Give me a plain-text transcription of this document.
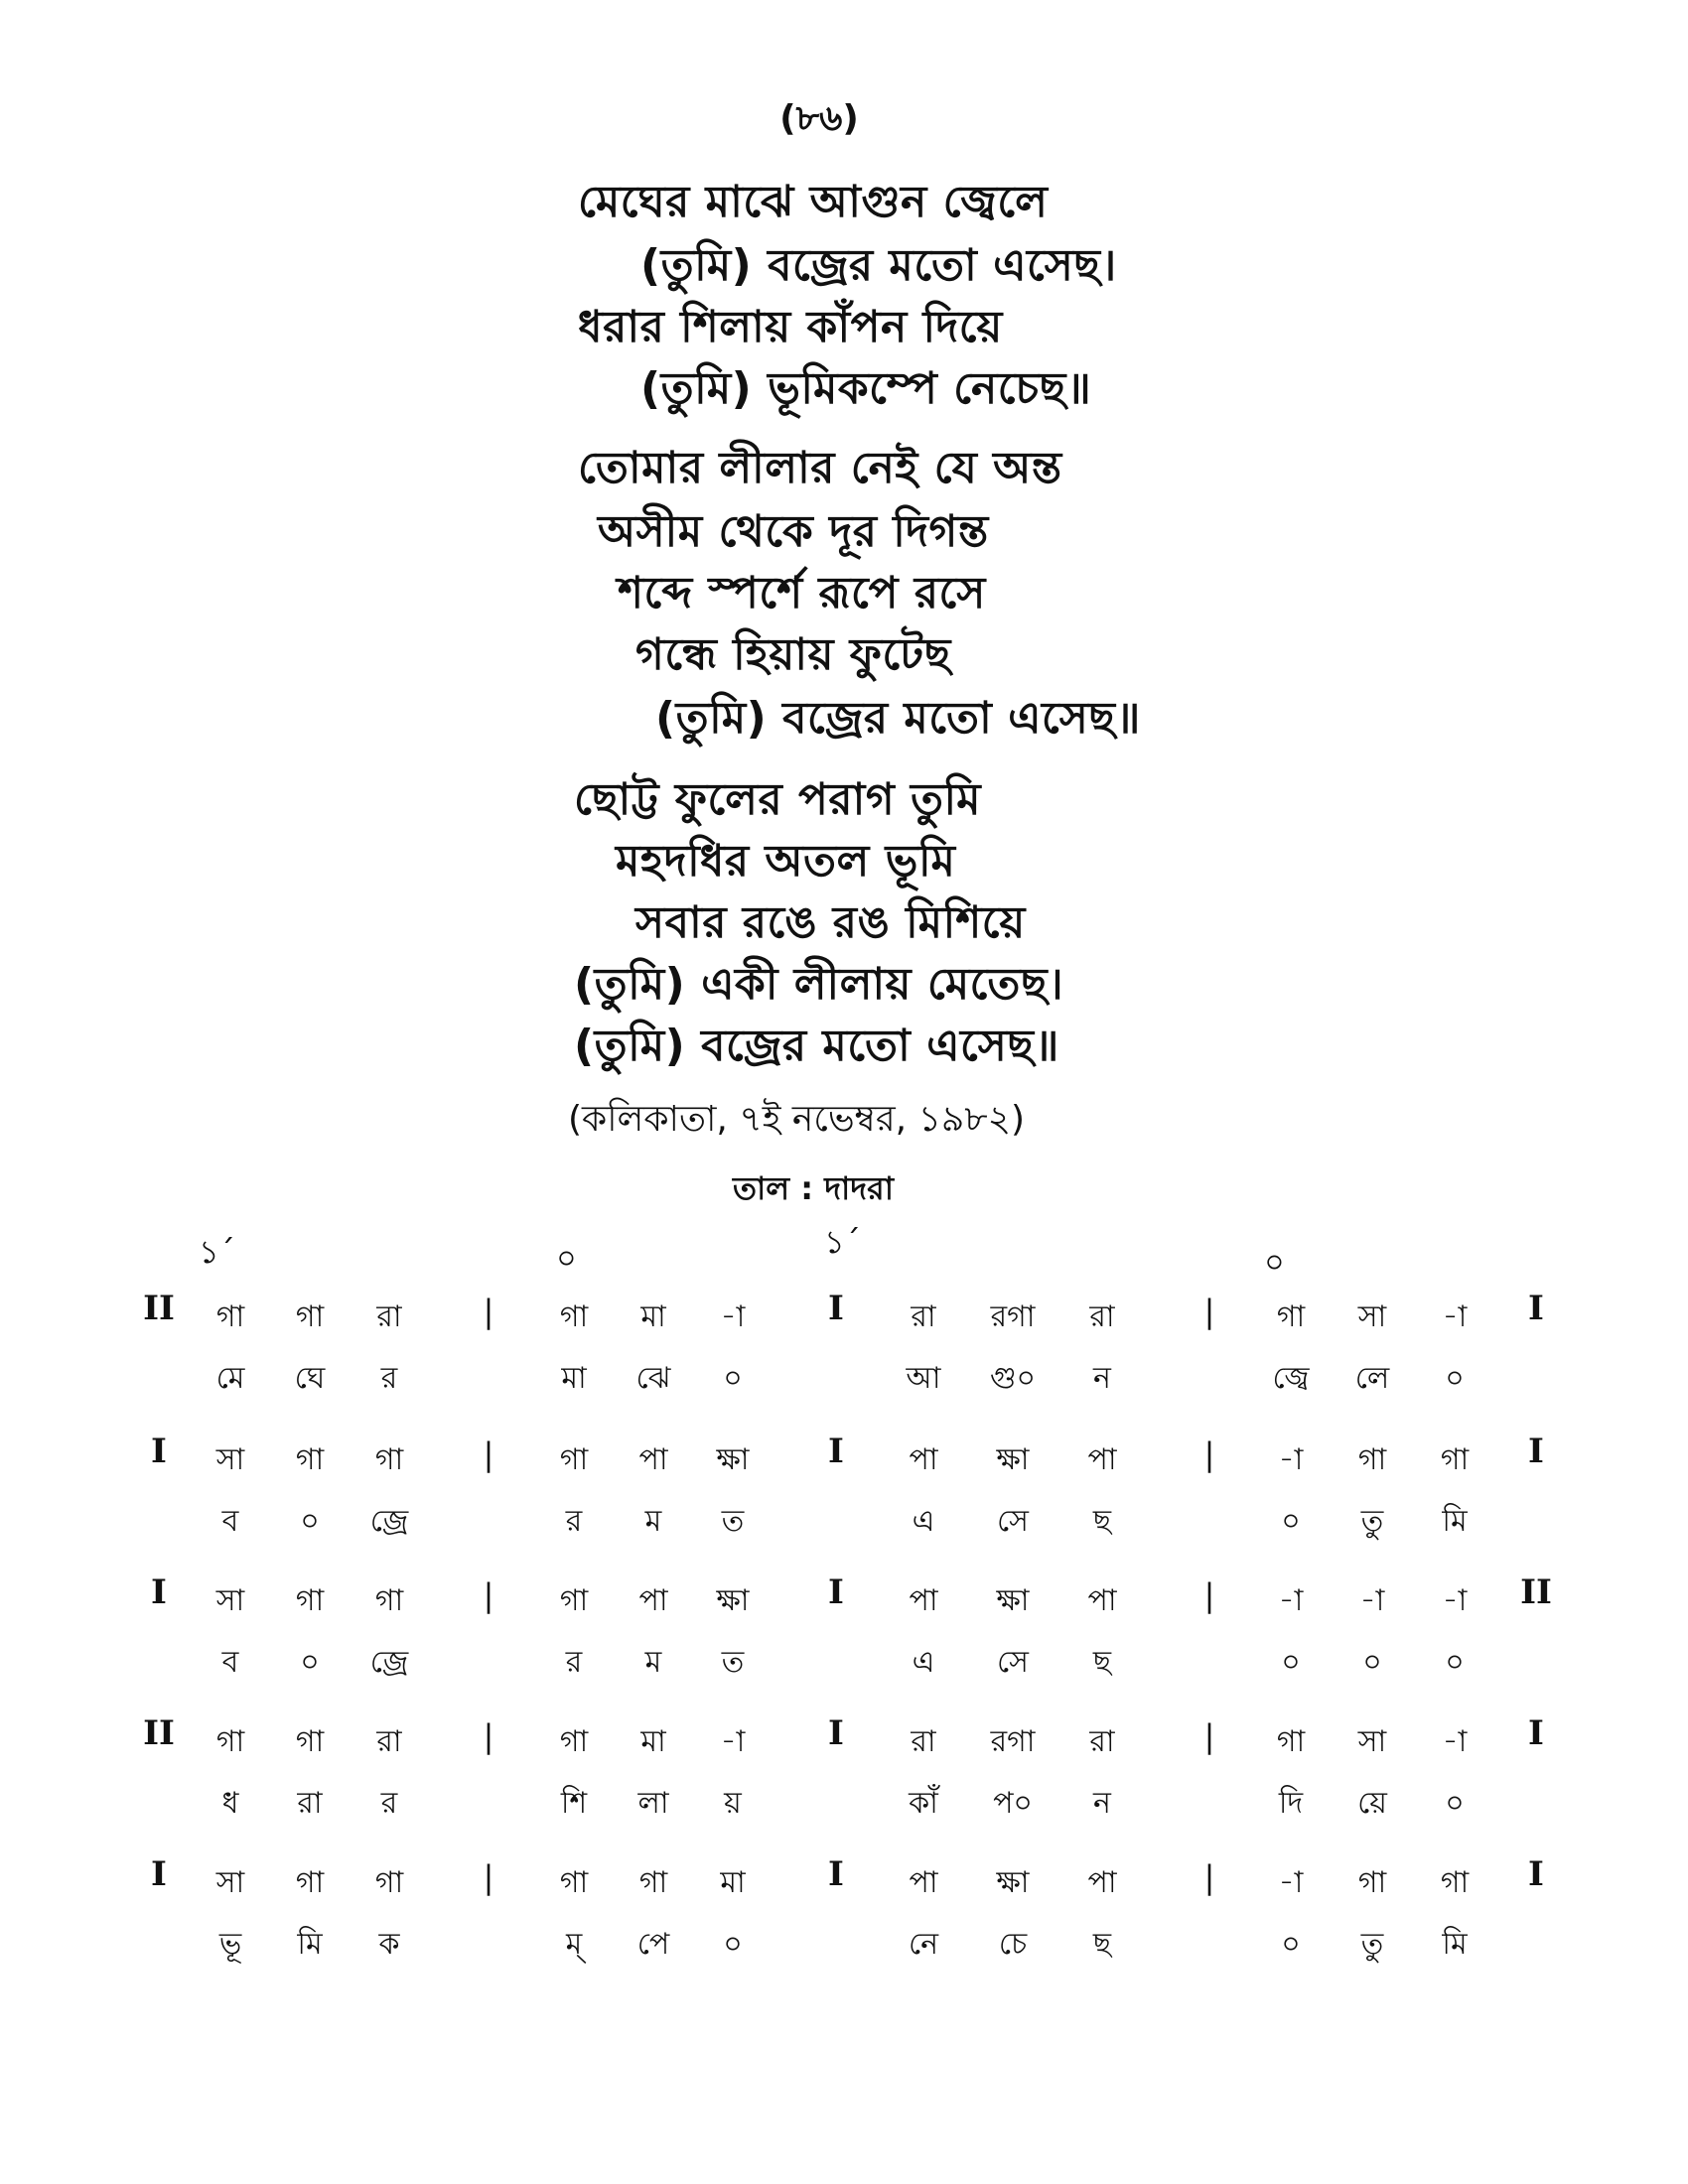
(৮৬)
মেঘের মাঝে আগুন জ্বেলে
(তুমি) বজ্রের মতো এসেছ।
ধরার শিলায় কাঁপন দিয়ে
(তুমি) ভূমিকম্পে নেচেছ॥
তোমার লীলার নেই যে অন্ত
অসীম থেকে দূর দিগন্ত
শব্দে স্পর্শে রূপে রসে
গন্ধে হিয়ায় ফুটেছ
(তুমি) বজ্রের মতো এসেছ॥
ছোট্ট ফুলের পরাগ তুমি
মহদধির অতল ভূমি
সবার রঙে রঙ মিশিয়ে
(তুমি) একী লীলায় মেতেছ।
(তুমি) বজ্রের মতো এসেছ॥
(কলিকাতা, ৭ই নভেম্বর, ১৯৮২)
তাল : দাদরা
১´	০	১´
০
II	গা	গা	রা	|	গা	মা	-া	I	রা	রগা	রা	|	গা	সা	-া	I
মে	ঘে	র	মা	ঝে	০	আ	গু০	ন	জ্বে	লে	০
I	সা	গা	গা	|	গা	পা	ক্ষা	I	পা	ক্ষা	পা	|	-া	গা	গা	I
ব	০	জ্রে	র	ম	ত	এ	সে	ছ	০	তু	মি
I	সা	গা	গা	|	গা	পা	ক্ষা	I	পা	ক্ষা	পা	|	-া	-া	-া	II
ব	০	জ্রে	র	ম	ত	এ	সে	ছ	০	০	০
II	গা	গা	রা	|	গা	মা	-া	I	রা	রগা	রা	|	গা	সা	-া	I
ধ	রা	র	শি	লা	য়	কাঁ	প০	ন	দি	য়ে	০
I	সা	গা	গা	|	গা	গা	মা	I	পা	ক্ষা	পা	|	-া	গা	গা	I
ভূ	মি	ক	ম্	পে	০	নে	চে	ছ	০	তু	মি
